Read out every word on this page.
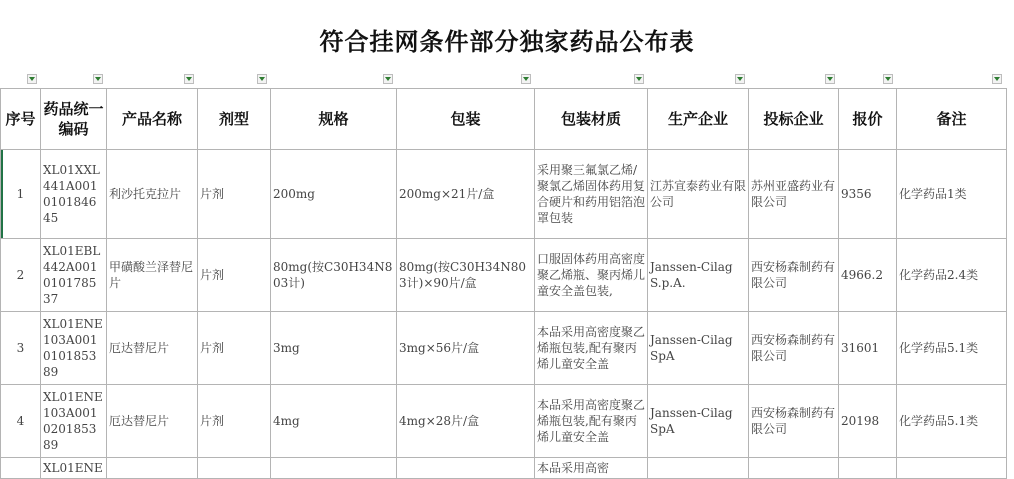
符合挂网条件部分独家药品公布表
序号	药品统一编码	产品名称	剂型	规格	包装	包装材质	生产企业	投标企业	报价	备注
1	XL01XXL441A0010101846 45	利沙托克拉片	片剂	200mg	200mg×21片/盒	采用聚三氟氯乙烯/聚氯乙烯固体药用复合硬片和药用铝箔泡罩包装	江苏宣泰药业有限公司	苏州亚盛药业有限公司	9356	化学药品1类
2	XL01EBL442A0010101785 37	甲磺酸兰泽替尼片	片剂	80mg(按C30H34N803计)	80mg(按C30H34N803计)×90片/盒	口服固体药用高密度聚乙烯瓶、聚丙烯儿童安全盖包装,	Janssen-Cilag S.p.A.	西安杨森制药有限公司	4966.2	化学药品2.4类
3	XL01ENE103A0010101853 89	厄达替尼片	片剂	3mg	3mg×56片/盒	本品采用高密度聚乙烯瓶包装,配有聚丙烯儿童安全盖	Janssen-Cilag SpA	西安杨森制药有限公司	31601	化学药品5.1类
4	XL01ENE103A0010201853 89	厄达替尼片	片剂	4mg	4mg×28片/盒	本品采用高密度聚乙烯瓶包装,配有聚丙烯儿童安全盖	Janssen-Cilag SpA	西安杨森制药有限公司	20198	化学药品5.1类
	XL01ENE					本品采用高密				
